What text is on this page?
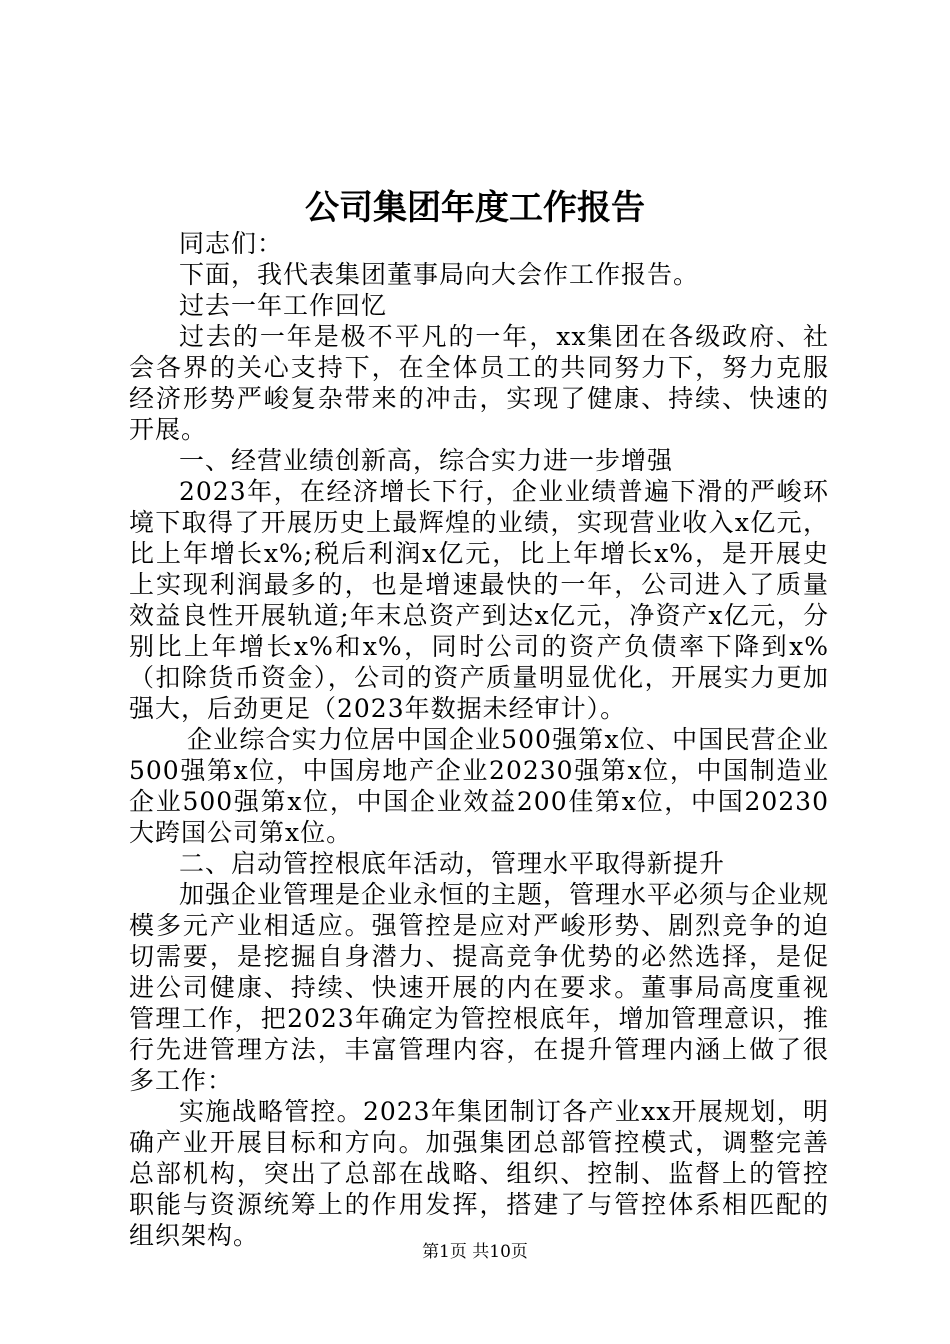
公司集团年度工作报告

同志们：

下面，我代表集团董事局向大会作工作报告。

过去一年工作回忆

过去的一年是极不平凡的一年，xx集团在各级政府、社会各界的关心支持下，在全体员工的共同努力下，努力克服经济形势严峻复杂带来的冲击，实现了健康、持续、快速的开展。

一、经营业绩创新高，综合实力进一步增强

2023年，在经济增长下行，企业业绩普遍下滑的严峻环境下取得了开展历史上最辉煌的业绩，实现营业收入x亿元，比上年增长x%;税后利润x亿元，比上年增长x%，是开展史上实现利润最多的，也是增速最快的一年，公司进入了质量效益良性开展轨道;年末总资产到达x亿元，净资产x亿元，分别比上年增长x%和x%，同时公司的资产负债率下降到x%（扣除货币资金），公司的资产质量明显优化，开展实力更加强大，后劲更足（2023年数据未经审计）。

企业综合实力位居中国企业500强第x位、中国民营企业500强第x位，中国房地产企业20230强第x位，中国制造业企业500强第x位，中国企业效益200佳第x位，中国20230大跨国公司第x位。

二、启动管控根底年活动，管理水平取得新提升

加强企业管理是企业永恒的主题，管理水平必须与企业规模多元产业相适应。强管控是应对严峻形势、剧烈竞争的迫切需要，是挖掘自身潜力、提高竞争优势的必然选择，是促进公司健康、持续、快速开展的内在要求。董事局高度重视管理工作，把2023年确定为管控根底年，增加管理意识，推行先进管理方法，丰富管理内容，在提升管理内涵上做了很多工作：

实施战略管控。2023年集团制订各产业xx开展规划，明确产业开展目标和方向。加强集团总部管控模式，调整完善总部机构，突出了总部在战略、组织、控制、监督上的管控职能与资源统筹上的作用发挥，搭建了与管控体系相匹配的组织架构。

第1页 共10页
